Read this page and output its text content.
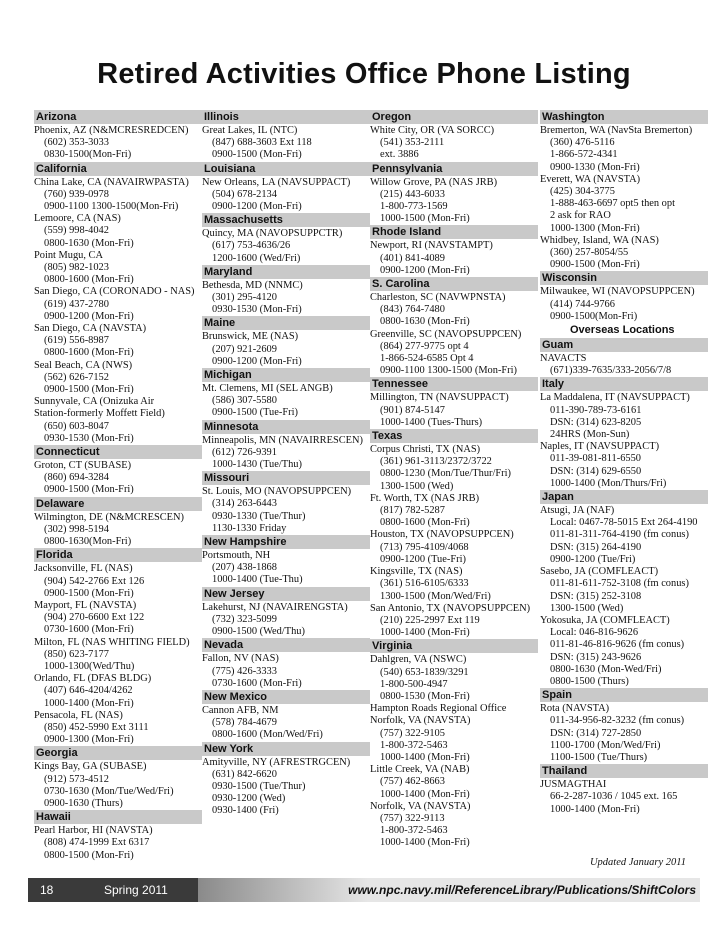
Retired Activities Office Phone Listing
Arizona
Phoenix, AZ (N&MCRESREDCEN)
(602) 353-3033
0830-1500(Mon-Fri)
California
China Lake, CA (NAVAIRWPASTA)
(760) 939-0978
0900-1100 1300-1500(Mon-Fri)
Lemoore, CA (NAS)
(559) 998-4042
0800-1630 (Mon-Fri)
Point Mugu, CA
(805) 982-1023
0800-1600 (Mon-Fri)
San Diego, CA (CORONADO - NAS)
(619) 437-2780
0900-1200 (Mon-Fri)
San Diego, CA (NAVSTA)
(619) 556-8987
0800-1600 (Mon-Fri)
Seal Beach, CA (NWS)
(562) 626-7152
0900-1500 (Mon-Fri)
Sunnyvale, CA (Onizuka Air
Station-formerly Moffett Field)
(650) 603-8047
0930-1530 (Mon-Fri)
Connecticut
Groton, CT (SUBASE)
(860) 694-3284
0900-1500 (Mon-Fri)
Delaware
Wilmington, DE (N&MCRESCEN)
(302) 998-5194
0800-1630(Mon-Fri)
Florida
Jacksonville, FL (NAS)
(904) 542-2766 Ext 126
0900-1500 (Mon-Fri)
Mayport, FL (NAVSTA)
(904) 270-6600 Ext 122
0730-1600 (Mon-Fri)
Milton, FL (NAS WHITING FIELD)
(850) 623-7177
1000-1300(Wed/Thu)
Orlando, FL (DFAS BLDG)
(407) 646-4204/4262
1000-1400 (Mon-Fri)
Pensacola, FL (NAS)
(850) 452-5990 Ext 3111
0900-1300 (Mon-Fri)
Georgia
Kings Bay, GA (SUBASE)
(912) 573-4512
0730-1630 (Mon/Tue/Wed/Fri)
0900-1630 (Thurs)
Hawaii
Pearl Harbor, HI (NAVSTA)
(808) 474-1999 Ext 6317
0800-1500 (Mon-Fri)
Illinois
Great Lakes, IL (NTC)
(847) 688-3603 Ext 118
0900-1500 (Mon-Fri)
Louisiana
New Orleans, LA (NAVSUPPACT)
(504) 678-2134
0900-1200 (Mon-Fri)
Massachusetts
Quincy, MA (NAVOPSUPPCTR)
(617) 753-4636/26
1200-1600 (Wed/Fri)
Maryland
Bethesda, MD (NNMC)
(301) 295-4120
0930-1530 (Mon-Fri)
Maine
Brunswick, ME (NAS)
(207) 921-2609
0900-1200 (Mon-Fri)
Michigan
Mt. Clemens, MI (SEL ANGB)
(586) 307-5580
0900-1500 (Tue-Fri)
Minnesota
Minneapolis, MN (NAVAIRRESCEN)
(612) 726-9391
1000-1430 (Tue/Thu)
Missouri
St. Louis, MO (NAVOPSUPPCEN)
(314) 263-6443
0930-1330 (Tue/Thur)
1130-1330 Friday
New Hampshire
Portsmouth, NH
(207) 438-1868
1000-1400 (Tue-Thu)
New Jersey
Lakehurst, NJ (NAVAIRENGSTA)
(732) 323-5099
0900-1500 (Wed/Thu)
Nevada
Fallon, NV (NAS)
(775) 426-3333
0730-1600 (Mon-Fri)
New Mexico
Cannon AFB, NM
(578) 784-4679
0800-1600 (Mon/Wed/Fri)
New York
Amityville, NY (AFRESTRGCEN)
(631) 842-6620
0930-1500 (Tue/Thur)
0930-1200 (Wed)
0930-1400 (Fri)
Oregon
White City, OR (VA SORCC)
(541) 353-2111
ext. 3886
Pennsylvania
Willow Grove, PA (NAS JRB)
(215) 443-6033
1-800-773-1569
1000-1500 (Mon-Fri)
Rhode Island
Newport, RI (NAVSTAMPT)
(401) 841-4089
0900-1200 (Mon-Fri)
S. Carolina
Charleston, SC (NAVWPNSTA)
(843) 764-7480
0800-1630 (Mon-Fri)
Greenville, SC (NAVOPSUPPCEN)
(864) 277-9775 opt 4
1-866-524-6585 Opt 4
0900-1100 1300-1500 (Mon-Fri)
Tennessee
Millington, TN (NAVSUPPACT)
(901) 874-5147
1000-1400 (Tues-Thurs)
Texas
Corpus Christi, TX (NAS)
(361) 961-3113/2372/3722
0800-1230 (Mon/Tue/Thur/Fri)
1300-1500 (Wed)
Ft. Worth, TX (NAS JRB)
(817) 782-5287
0800-1600 (Mon-Fri)
Houston, TX (NAVOPSUPPCEN)
(713) 795-4109/4068
0900-1200 (Tue-Fri)
Kingsville, TX (NAS)
(361) 516-6105/6333
1300-1500 (Mon/Wed/Fri)
San Antonio, TX (NAVOPSUPPCEN)
(210) 225-2997 Ext 119
1000-1400 (Mon-Fri)
Virginia
Dahlgren, VA (NSWC)
(540) 653-1839/3291
1-800-500-4947
0800-1530 (Mon-Fri)
Hampton Roads Regional Office
Norfolk, VA (NAVSTA)
(757) 322-9105
1-800-372-5463
1000-1400 (Mon-Fri)
Little Creek, VA (NAB)
(757) 462-8663
1000-1400 (Mon-Fri)
Norfolk, VA (NAVSTA)
(757) 322-9113
1-800-372-5463
1000-1400 (Mon-Fri)
Washington
Bremerton, WA (NavSta Bremerton)
(360) 476-5116
1-866-572-4341
0900-1330 (Mon-Fri)
Everett, WA (NAVSTA)
(425) 304-3775
1-888-463-6697 opt5 then opt
2 ask for RAO
1000-1300 (Mon-Fri)
Whidbey, Island, WA (NAS)
(360) 257-8054/55
0900-1500 (Mon-Fri)
Wisconsin
Milwaukee, WI (NAVOPSUPPCEN)
(414) 744-9766
0900-1500(Mon-Fri)
Overseas Locations
Guam
NAVACTS
(671)339-7635/333-2056/7/8
Italy
La Maddalena, IT (NAVSUPPACT)
011-390-789-73-6161
DSN: (314) 623-8205
24HRS (Mon-Sun)
Naples, IT (NAVSUPPACT)
011-39-081-811-6550
DSN: (314) 629-6550
1000-1400 (Mon/Thurs/Fri)
Japan
Atsugi, JA (NAF)
Local: 0467-78-5015 Ext 264-4190
011-81-311-764-4190 (fm conus)
DSN: (315) 264-4190
0900-1200 (Tue/Fri)
Sasebo, JA (COMFLEACT)
011-81-611-752-3108 (fm conus)
DSN: (315) 252-3108
1300-1500 (Wed)
Yokosuka, JA (COMFLEACT)
Local: 046-816-9626
011-81-46-816-9626 (fm conus)
DSN: (315) 243-9626
0800-1630 (Mon-Wed/Fri)
0800-1500 (Thurs)
Spain
Rota (NAVSTA)
011-34-956-82-3232 (fm conus)
DSN: (314) 727-2850
1100-1700 (Mon/Wed/Fri)
1100-1500 (Tue/Thurs)
Thailand
JUSMAGTHAI
66-2-287-1036 / 1045 ext. 165
1000-1400 (Mon-Fri)
Updated January 2011
18	Spring 2011	www.npc.navy.mil/ReferenceLibrary/Publications/ShiftColors
